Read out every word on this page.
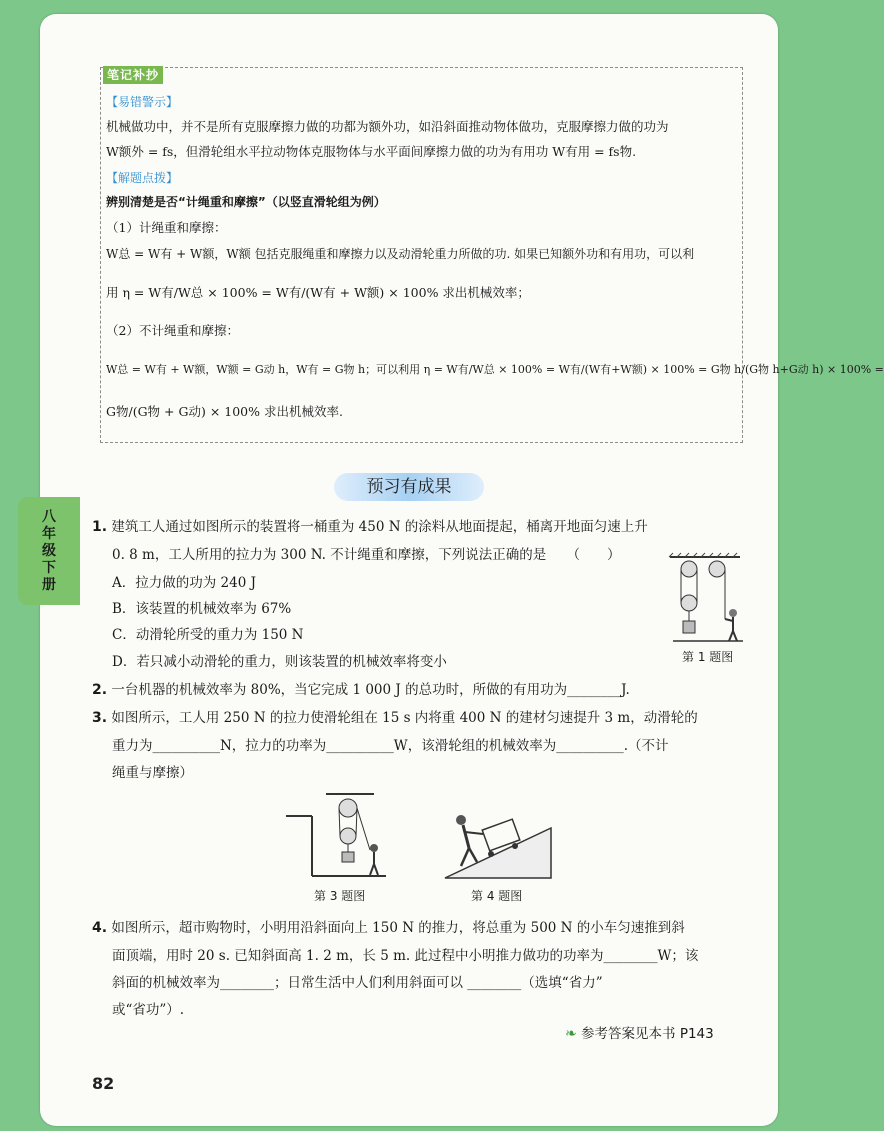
八
年
级
下
册
笔记补抄
【易错警示】
机械做功中，并不是所有克服摩擦力做的功都为额外功，如沿斜面推动物体做功，克服摩擦力做的功为
W额外 = fs，但滑轮组水平拉动物体克服物体与水平面间摩擦力做的功为有用功 W有用 = fs物.
【解题点拨】
辨别清楚是否“计绳重和摩擦”（以竖直滑轮组为例）
（1）计绳重和摩擦：
W总 = W有 + W额，W额 包括克服绳重和摩擦力以及动滑轮重力所做的功. 如果已知额外功和有用功，可以利
用 η = W有/W总 × 100% = W有/(W有 + W额) × 100% 求出机械效率；
（2）不计绳重和摩擦：
W总 = W有 + W额，W额 = G动 h，W有 = G物 h；可以利用 η = W有/W总 × 100% = W有/(W有+W额) × 100% = G物 h/(G物 h+G动 h) × 100% =
G物/(G物 + G动) × 100% 求出机械效率.
预习有成果
1. 建筑工人通过如图所示的装置将一桶重为 450 N 的涂料从地面提起，桶离开地面匀速上升
0. 8 m，工人所用的拉力为 300 N. 不计绳重和摩擦，下列说法正确的是　　（　　）
A．拉力做的功为 240 J
B．该装置的机械效率为 67%
C．动滑轮所受的重力为 150 N
D．若只减小动滑轮的重力，则该装置的机械效率将变小	第 1 题图
2. 一台机器的机械效率为 80%，当它完成 1 000 J 的总功时，所做的有用功为________J.
3. 如图所示，工人用 250 N 的拉力使滑轮组在 15 s 内将重 400 N 的建材匀速提升 3 m，动滑轮的
重力为__________N，拉力的功率为__________W，该滑轮组的机械效率为__________.（不计
绳重与摩擦）
第 3 题图	第 4 题图
4. 如图所示，超市购物时，小明用沿斜面向上 150 N 的推力，将总重为 500 N 的小车匀速推到斜
面顶端，用时 20 s. 已知斜面高 1. 2 m，长 5 m. 此过程中小明推力做功的功率为________W；该
斜面的机械效率为________；日常生活中人们利用斜面可以 ________（选填“省力”
或“省功”）.
❧ 参考答案见本书 P143
82
